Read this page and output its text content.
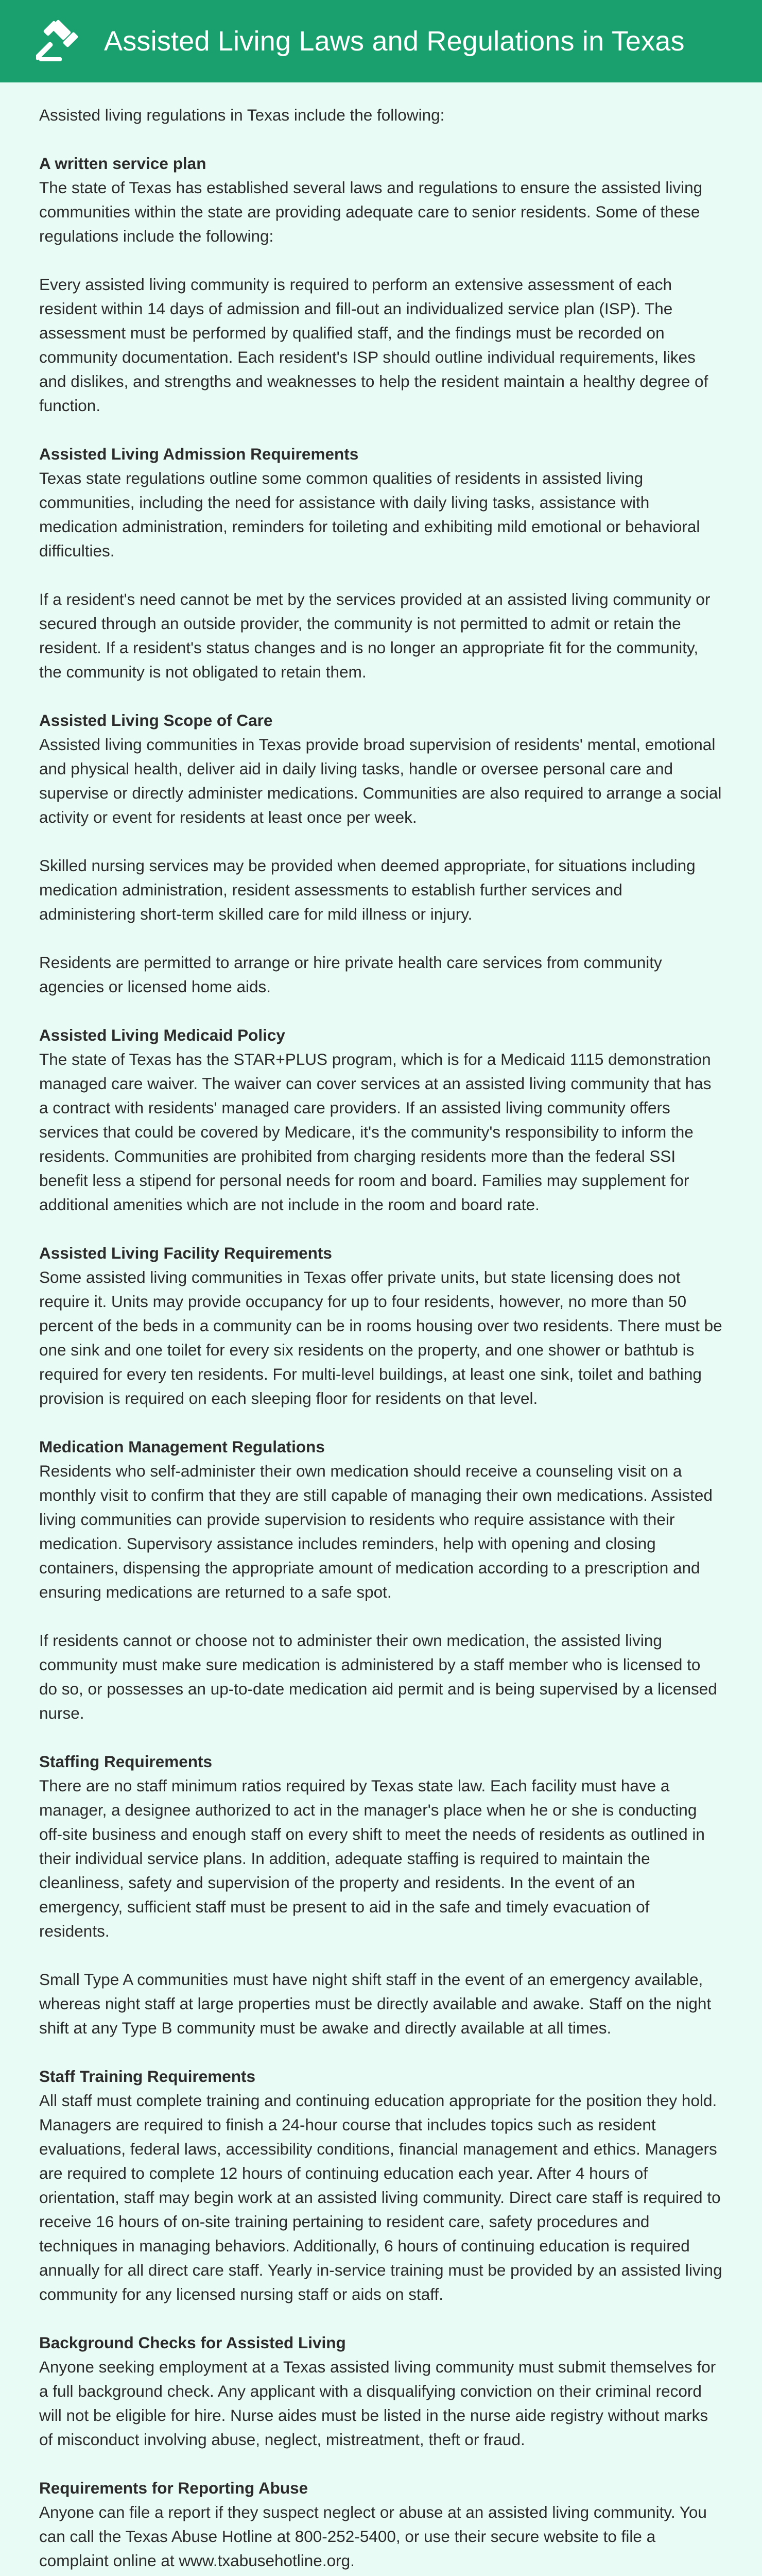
Assisted Living Laws and Regulations in Texas

Assisted living regulations in Texas include the following:

A written service plan

The state of Texas has established several laws and regulations to ensure the assisted living communities within the state are providing adequate care to senior residents. Some of these regulations include the following:

Every assisted living community is required to perform an extensive assessment of each resident within 14 days of admission and fill-out an individualized service plan (ISP). The assessment must be performed by qualified staff, and the findings must be recorded on community documentation. Each resident's ISP should outline individual requirements, likes and dislikes, and strengths and weaknesses to help the resident maintain a healthy degree of function.

Assisted Living Admission Requirements

Texas state regulations outline some common qualities of residents in assisted living communities, including the need for assistance with daily living tasks, assistance with medication administration, reminders for toileting and exhibiting mild emotional or behavioral difficulties.

If a resident's need cannot be met by the services provided at an assisted living community or secured through an outside provider, the community is not permitted to admit or retain the resident. If a resident's status changes and is no longer an appropriate fit for the community, the community is not obligated to retain them.

Assisted Living Scope of Care

Assisted living communities in Texas provide broad supervision of residents' mental, emotional and physical health, deliver aid in daily living tasks, handle or oversee personal care and supervise or directly administer medications. Communities are also required to arrange a social activity or event for residents at least once per week.

Skilled nursing services may be provided when deemed appropriate, for situations including medication administration, resident assessments to establish further services and administering short-term skilled care for mild illness or injury.

Residents are permitted to arrange or hire private health care services from community agencies or licensed home aids.

Assisted Living Medicaid Policy

The state of Texas has the STAR+PLUS program, which is for a Medicaid 1115 demonstration managed care waiver. The waiver can cover services at an assisted living community that has a contract with residents' managed care providers. If an assisted living community offers services that could be covered by Medicare, it's the community's responsibility to inform the residents. Communities are prohibited from charging residents more than the federal SSI benefit less a stipend for personal needs for room and board. Families may supplement for additional amenities which are not include in the room and board rate.

Assisted Living Facility Requirements

Some assisted living communities in Texas offer private units, but state licensing does not require it. Units may provide occupancy for up to four residents, however, no more than 50 percent of the beds in a community can be in rooms housing over two residents. There must be one sink and one toilet for every six residents on the property, and one shower or bathtub is required for every ten residents. For multi-level buildings, at least one sink, toilet and bathing provision is required on each sleeping floor for residents on that level.

Medication Management Regulations

Residents who self-administer their own medication should receive a counseling visit on a monthly visit to confirm that they are still capable of managing their own medications. Assisted living communities can provide supervision to residents who require assistance with their medication. Supervisory assistance includes reminders, help with opening and closing containers, dispensing the appropriate amount of medication according to a prescription and ensuring medications are returned to a safe spot.

If residents cannot or choose not to administer their own medication, the assisted living community must make sure medication is administered by a staff member who is licensed to do so, or possesses an up-to-date medication aid permit and is being supervised by a licensed nurse.

Staffing Requirements

There are no staff minimum ratios required by Texas state law. Each facility must have a manager, a designee authorized to act in the manager's place when he or she is conducting off-site business and enough staff on every shift to meet the needs of residents as outlined in their individual service plans. In addition, adequate staffing is required to maintain the cleanliness, safety and supervision of the property and residents. In the event of an emergency, sufficient staff must be present to aid in the safe and timely evacuation of residents.

Small Type A communities must have night shift staff in the event of an emergency available, whereas night staff at large properties must be directly available and awake. Staff on the night shift at any Type B community must be awake and directly available at all times.

Staff Training Requirements

All staff must complete training and continuing education appropriate for the position they hold. Managers are required to finish a 24-hour course that includes topics such as resident evaluations, federal laws, accessibility conditions, financial management and ethics. Managers are required to complete 12 hours of continuing education each year. After 4 hours of orientation, staff may begin work at an assisted living community. Direct care staff is required to receive 16 hours of on-site training pertaining to resident care, safety procedures and techniques in managing behaviors. Additionally, 6 hours of continuing education is required annually for all direct care staff. Yearly in-service training must be provided by an assisted living community for any licensed nursing staff or aids on staff.

Background Checks for Assisted Living

Anyone seeking employment at a Texas assisted living community must submit themselves for a full background check. Any applicant with a disqualifying conviction on their criminal record will not be eligible for hire. Nurse aides must be listed in the nurse aide registry without marks of misconduct involving abuse, neglect, mistreatment, theft or fraud.

Requirements for Reporting Abuse

Anyone can file a report if they suspect neglect or abuse at an assisted living community. You can call the Texas Abuse Hotline at 800-252-5400, or use their secure website to file a complaint online at www.txabusehotline.org.
